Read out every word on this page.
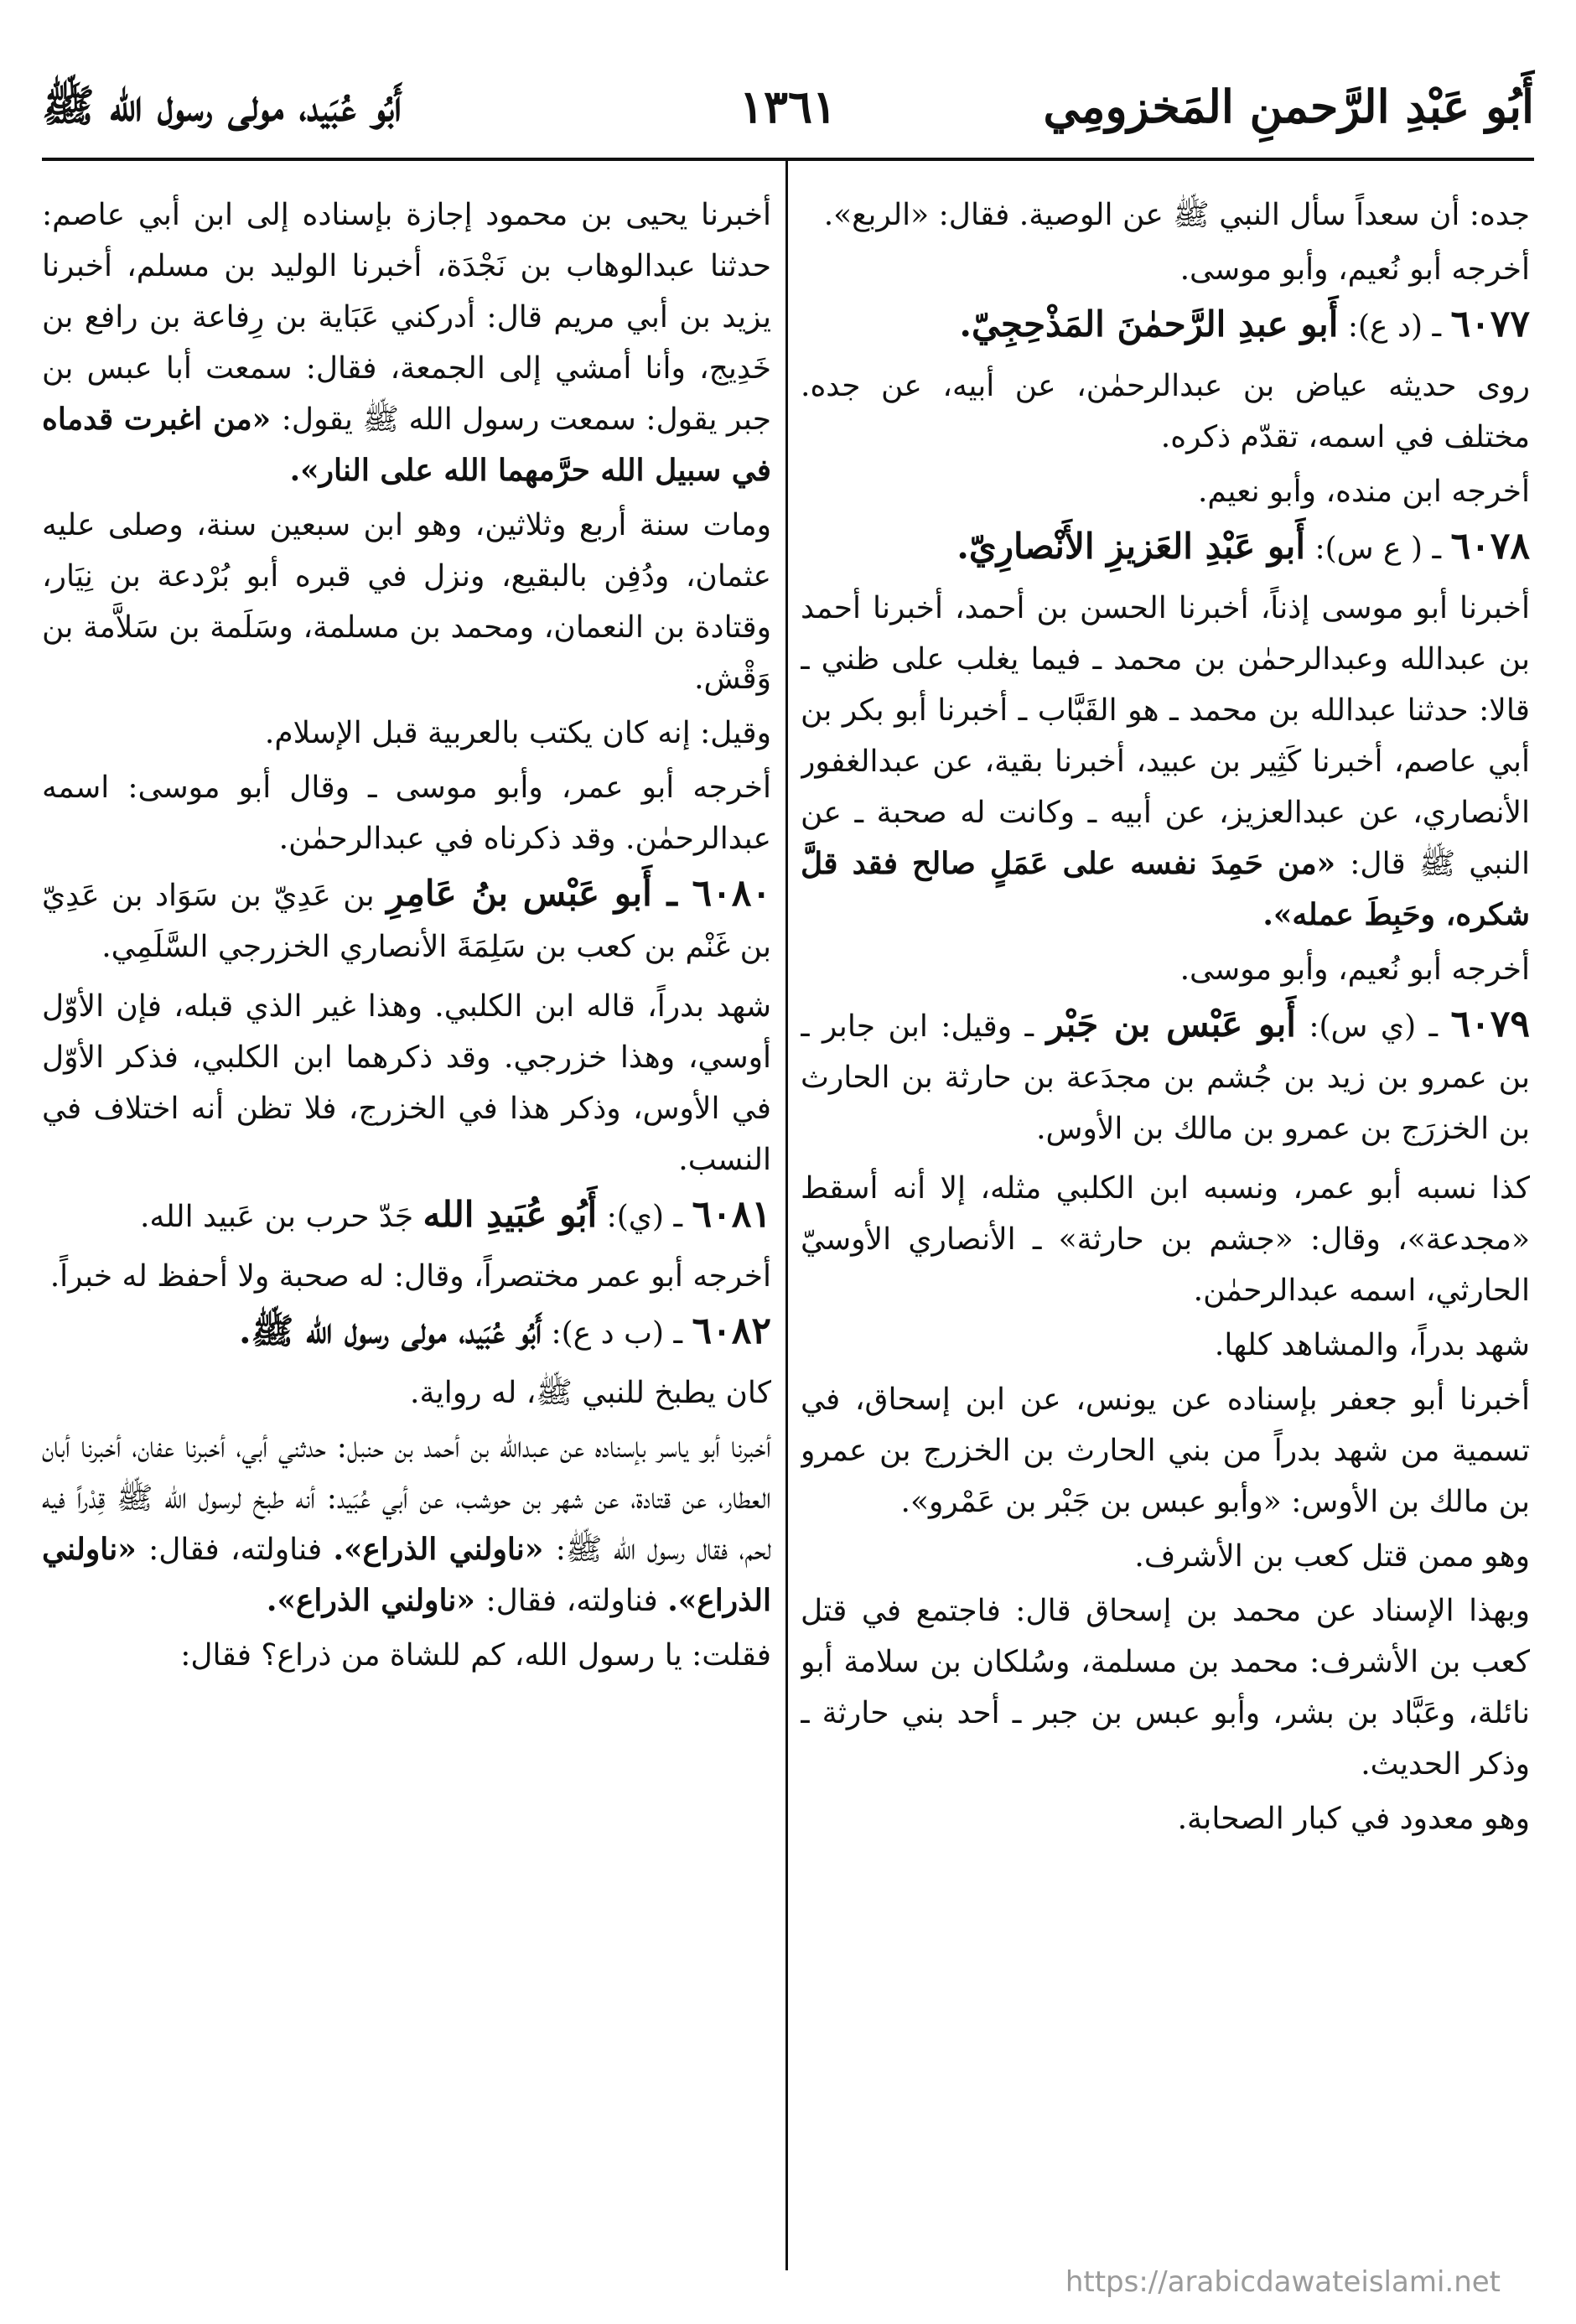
أَبُو عَبْدِ الرَّحمنِ المَخزومِي
١٣٦١
أَبُو عُبَيد، مولى رسول الله ﷺ

جده: أن سعداً سأل النبي ﷺ عن الوصية. فقال: «الربع».

أخرجه أبو نُعيم، وأبو موسى.

٦٠٧٧ ـ (د ع): أَبو عبدِ الرَّحمٰنَ المَذْحِجِيّ.

روى حديثه عياض بن عبدالرحمٰن، عن أبيه، عن جده. مختلف في اسمه، تقدّم ذكره.

أخرجه ابن منده، وأبو نعيم.

٦٠٧٨ ـ ( ع س): أَبو عَبْدِ العَزيزِ الأَنْصارِيّ.

أخبرنا أبو موسى إذناً، أخبرنا الحسن بن أحمد، أخبرنا أحمد بن عبدالله وعبدالرحمٰن بن محمد ـ فيما يغلب على ظني ـ قالا: حدثنا عبدالله بن محمد ـ هو القَبَّاب ـ أخبرنا أبو بكر بن أبي عاصم، أخبرنا كَثِير بن عبيد، أخبرنا بقية، عن عبدالغفور الأنصاري، عن عبدالعزيز، عن أبيه ـ وكانت له صحبة ـ عن النبي ﷺ قال: «من حَمِدَ نفسه على عَمَلٍ صالح فقد قلَّ شكره، وحَبِطَ عمله».

أخرجه أبو نُعيم، وأبو موسى.

٦٠٧٩ ـ (ي س): أَبو عَبْس بن جَبْر ـ وقيل: ابن جابر ـ بن عمرو بن زيد بن جُشم بن مجدَعة بن حارثة بن الحارث بن الخزرَج بن عمرو بن مالك بن الأوس.

كذا نسبه أبو عمر، ونسبه ابن الكلبي مثله، إلا أنه أسقط «مجدعة»، وقال: «جشم بن حارثة» ـ الأنصاري الأوسيّ الحارثي، اسمه عبدالرحمٰن.

شهد بدراً، والمشاهد كلها.

أخبرنا أبو جعفر بإسناده عن يونس، عن ابن إسحاق، في تسمية من شهد بدراً من بني الحارث بن الخزرج بن عمرو بن مالك بن الأوس: «وأبو عبس بن جَبْر بن عَمْرو».

وهو ممن قتل كعب بن الأشرف.

وبهذا الإسناد عن محمد بن إسحاق قال: فاجتمع في قتل كعب بن الأشرف: محمد بن مسلمة، وسُلكان بن سلامة أبو نائلة، وعَبَّاد بن بشر، وأبو عبس بن جبر ـ أحد بني حارثة ـ وذكر الحديث.

وهو معدود في كبار الصحابة.

أخبرنا يحيى بن محمود إجازة بإسناده إلى ابن أبي عاصم: حدثنا عبدالوهاب بن نَجْدَة، أخبرنا الوليد بن مسلم، أخبرنا يزيد بن أبي مريم قال: أدركني عَبَاية بن رِفاعة بن رافع بن خَدِيج، وأنا أمشي إلى الجمعة، فقال: سمعت أبا عبس بن جبر يقول: سمعت رسول الله ﷺ يقول: «من اغبرت قدماه في سبيل الله حرَّمهما الله على النار».

ومات سنة أربع وثلاثين، وهو ابن سبعين سنة، وصلى عليه عثمان، ودُفِن بالبقيع، ونزل في قبره أبو بُرْدعة بن نِيَار، وقتادة بن النعمان، ومحمد بن مسلمة، وسَلَمة بن سَلاَّمة بن وَقْش.

وقيل: إنه كان يكتب بالعربية قبل الإسلام.

أخرجه أبو عمر، وأبو موسى ـ وقال أبو موسى: اسمه عبدالرحمٰن. وقد ذكرناه في عبدالرحمٰن.

٦٠٨٠ ـ أَبو عَبْس بنُ عَامِرِ بن عَدِيّ بن سَوَاد بن عَدِيّ بن غَنْم بن كعب بن سَلِمَةَ الأنصاري الخزرجي السَّلَمِي.

شهد بدراً، قاله ابن الكلبي. وهذا غير الذي قبله، فإن الأوّل أوسي، وهذا خزرجي. وقد ذكرهما ابن الكلبي، فذكر الأوّل في الأوس، وذكر هذا في الخزرج، فلا تظن أنه اختلاف في النسب.

٦٠٨١ ـ (ي): أَبُو عُبَيدِ الله جَدّ حرب بن عَبيد الله.

أخرجه أبو عمر مختصراً، وقال: له صحبة ولا أحفظ له خبراً.

٦٠٨٢ ـ (ب د ع): أَبُو عُبَيد، مولى رسول الله ﷺ.

كان يطبخ للنبي ﷺ، له رواية.

أخبرنا أبو ياسر بإسناده عن عبدالله بن أحمد بن حنبل: حدثني أبي، أخبرنا عفان، أخبرنا أبان العطار، عن قتادة، عن شهر بن حوشب، عن أبي عُبَيد: أنه طبخ لرسول الله ﷺ قِدْراً فيه لحم، فقال رسول الله ﷺ: «ناولني الذراع». فناولته، فقال: «ناولني الذراع». فناولته، فقال: «ناولني الذراع».

فقلت: يا رسول الله، كم للشاة من ذراع؟ فقال:

https://arabicdawateislami.net
